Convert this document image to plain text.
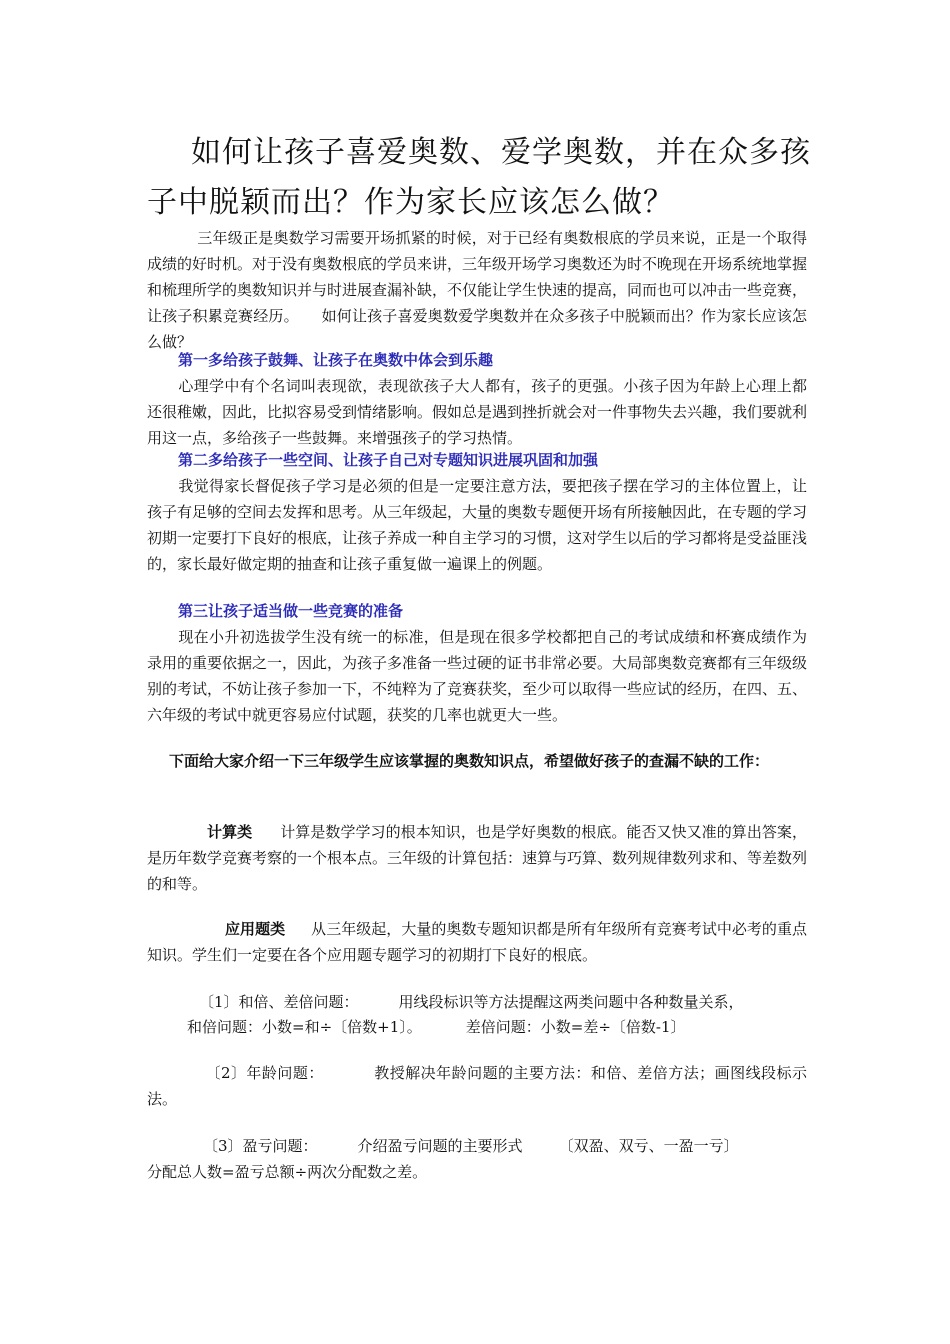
如何让孩子喜爱奥数、爱学奥数，并在众多孩子中脱颖而出？作为家长应该怎么做？

三年级正是奥数学习需要开场抓紧的时候，对于已经有奥数根底的学员来说，正是一个取得成绩的好时机。对于没有奥数根底的学员来讲，三年级开场学习奥数还为时不晚现在开场系统地掌握和梳理所学的奥数知识并与时进展查漏补缺，不仅能让学生快速的提高，同而也可以冲击一些竞赛，让孩子积累竞赛经历。　　如何让孩子喜爱奥数爱学奥数并在众多孩子中脱颖而出？作为家长应该怎么做？

第一多给孩子鼓舞、让孩子在奥数中体会到乐趣

心理学中有个名词叫表现欲，表现欲孩子大人都有，孩子的更强。小孩子因为年龄上心理上都还很稚嫩，因此，比拟容易受到情绪影响。假如总是遇到挫折就会对一件事物失去兴趣，我们要就利用这一点，多给孩子一些鼓舞。来增强孩子的学习热情。

第二多给孩子一些空间、让孩子自己对专题知识进展巩固和加强

我觉得家长督促孩子学习是必须的但是一定要注意方法，要把孩子摆在学习的主体位置上，让孩子有足够的空间去发挥和思考。从三年级起，大量的奥数专题便开场有所接触因此，在专题的学习初期一定要打下良好的根底，让孩子养成一种自主学习的习惯，这对学生以后的学习都将是受益匪浅的，家长最好做定期的抽查和让孩子重复做一遍课上的例题。

第三让孩子适当做一些竞赛的准备

现在小升初选拔学生没有统一的标准，但是现在很多学校都把自己的考试成绩和杯赛成绩作为录用的重要依据之一，因此，为孩子多准备一些过硬的证书非常必要。大局部奥数竞赛都有三年级级别的考试，不妨让孩子参加一下，不纯粹为了竞赛获奖，至少可以取得一些应试的经历，在四、五、六年级的考试中就更容易应付试题，获奖的几率也就更大一些。

下面给大家介绍一下三年级学生应该掌握的奥数知识点，希望做好孩子的查漏不缺的工作：

计算类 计算是数学学习的根本知识，也是学好奥数的根底。能否又快又准的算出答案，是历年数学竞赛考察的一个根本点。三年级的计算包括：速算与巧算、数列规律数列求和、等差数列的和等。

应用题类 从三年级起，大量的奥数专题知识都是所有年级所有竞赛考试中必考的重点知识。学生们一定要在各个应用题专题学习的初期打下良好的根底。

〔1〕和倍、差倍问题：	用线段标识等方法提醒这两类问题中各种数量关系，

和倍问题：小数=和÷〔倍数+1〕。	差倍问题：小数=差÷〔倍数-1〕

〔2〕年龄问题：	教授解决年龄问题的主要方法：和倍、差倍方法；画图线段标示法。

〔3〕盈亏问题：	介绍盈亏问题的主要形式 〔双盈、双亏、一盈一亏〕

分配总人数=盈亏总额÷两次分配数之差。
